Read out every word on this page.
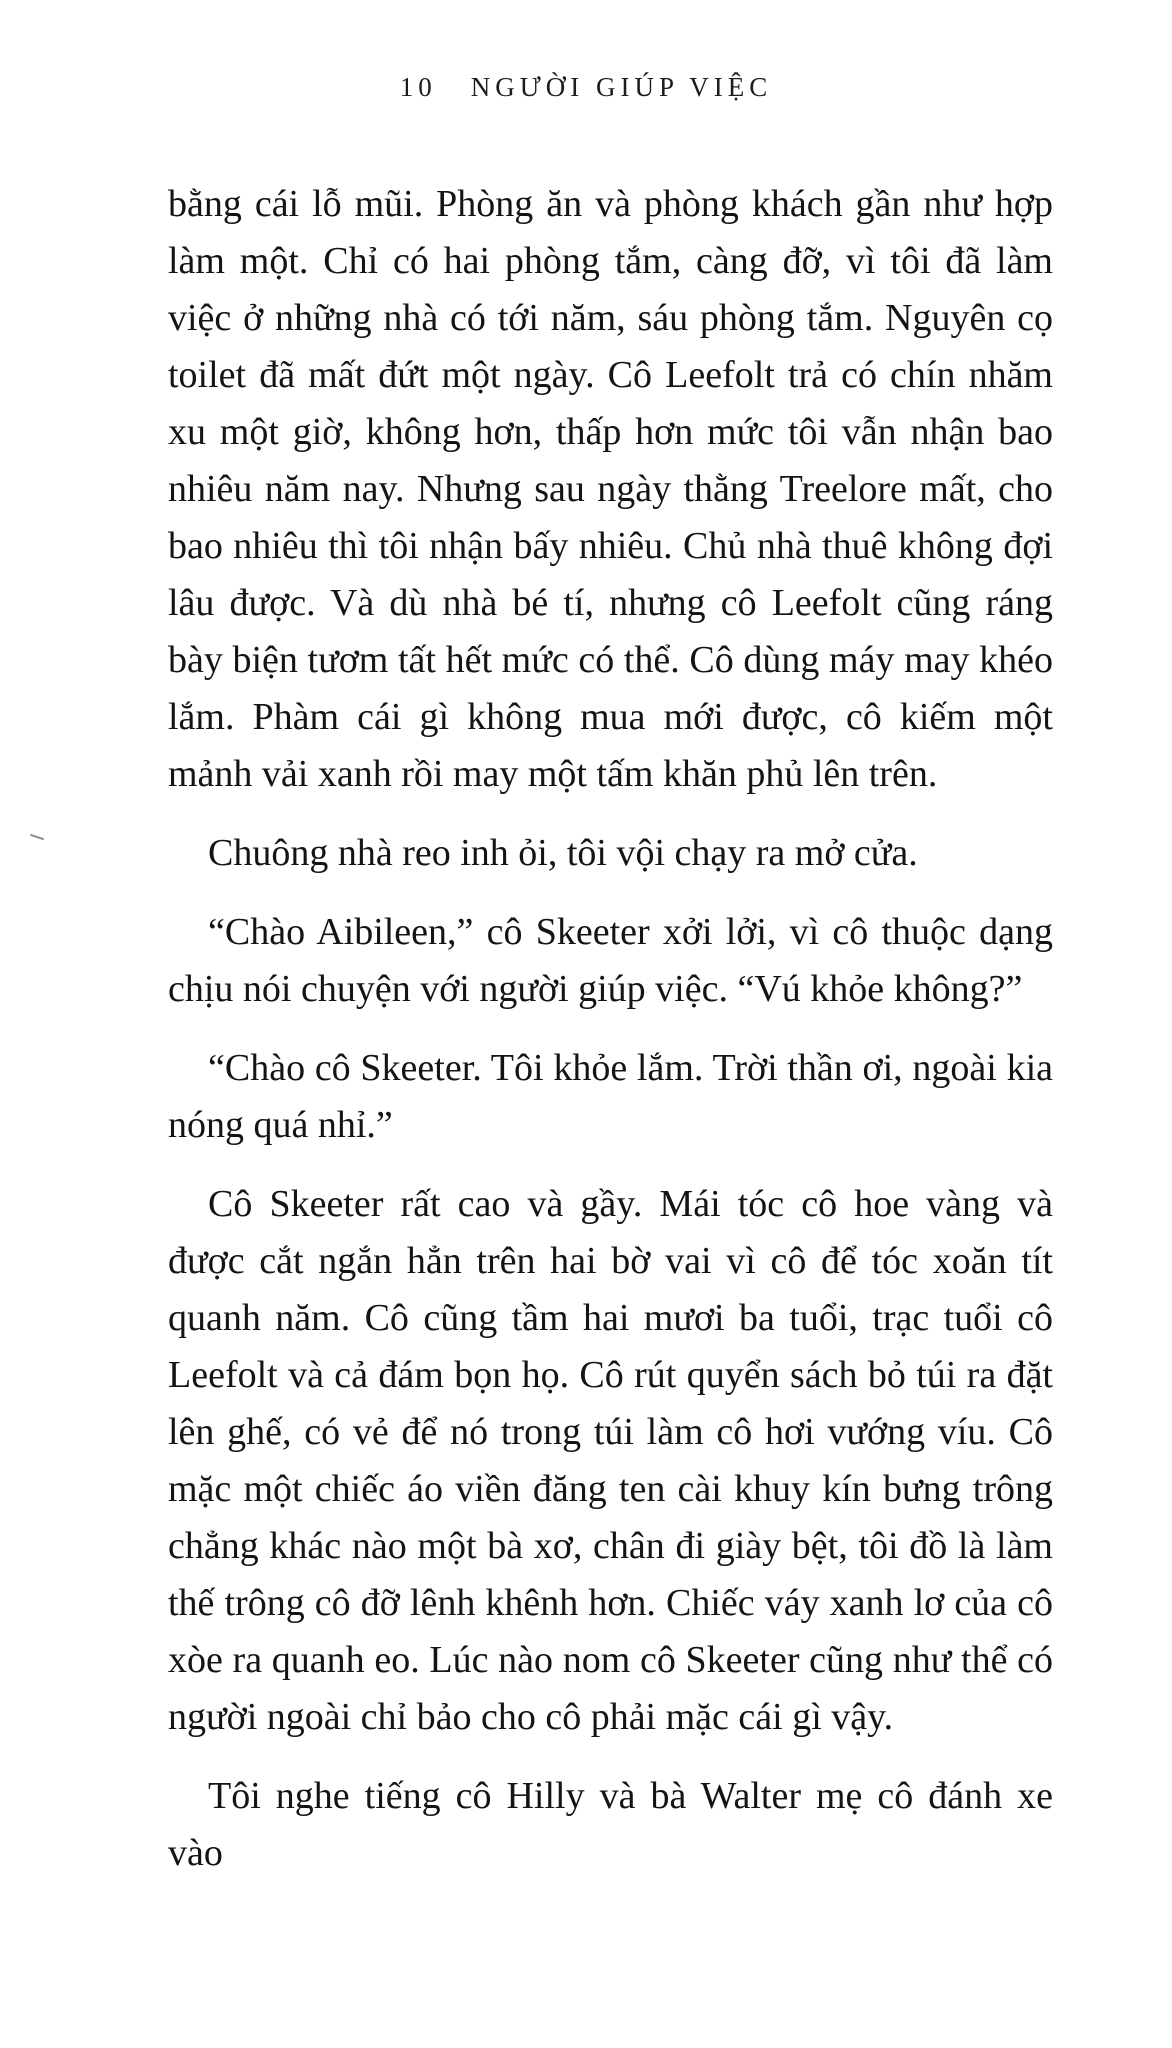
10 NGƯỜI GIÚP VIỆC

bằng cái lỗ mũi. Phòng ăn và phòng khách gần như hợp làm một. Chỉ có hai phòng tắm, càng đỡ, vì tôi đã làm việc ở những nhà có tới năm, sáu phòng tắm. Nguyên cọ toilet đã mất đứt một ngày. Cô Leefolt trả có chín nhăm xu một giờ, không hơn, thấp hơn mức tôi vẫn nhận bao nhiêu năm nay. Nhưng sau ngày thằng Treelore mất, cho bao nhiêu thì tôi nhận bấy nhiêu. Chủ nhà thuê không đợi lâu được. Và dù nhà bé tí, nhưng cô Leefolt cũng ráng bày biện tươm tất hết mức có thể. Cô dùng máy may khéo lắm. Phàm cái gì không mua mới được, cô kiếm một mảnh vải xanh rồi may một tấm khăn phủ lên trên.

Chuông nhà reo inh ỏi, tôi vội chạy ra mở cửa.

“Chào Aibileen,” cô Skeeter xởi lởi, vì cô thuộc dạng chịu nói chuyện với người giúp việc. “Vú khỏe không?”

“Chào cô Skeeter. Tôi khỏe lắm. Trời thần ơi, ngoài kia nóng quá nhỉ.”

Cô Skeeter rất cao và gầy. Mái tóc cô hoe vàng và được cắt ngắn hẳn trên hai bờ vai vì cô để tóc xoăn tít quanh năm. Cô cũng tầm hai mươi ba tuổi, trạc tuổi cô Leefolt và cả đám bọn họ. Cô rút quyển sách bỏ túi ra đặt lên ghế, có vẻ để nó trong túi làm cô hơi vướng víu. Cô mặc một chiếc áo viền đăng ten cài khuy kín bưng trông chẳng khác nào một bà xơ, chân đi giày bệt, tôi đồ là làm thế trông cô đỡ lênh khênh hơn. Chiếc váy xanh lơ của cô xòe ra quanh eo. Lúc nào nom cô Skeeter cũng như thể có người ngoài chỉ bảo cho cô phải mặc cái gì vậy.

Tôi nghe tiếng cô Hilly và bà Walter mẹ cô đánh xe vào
